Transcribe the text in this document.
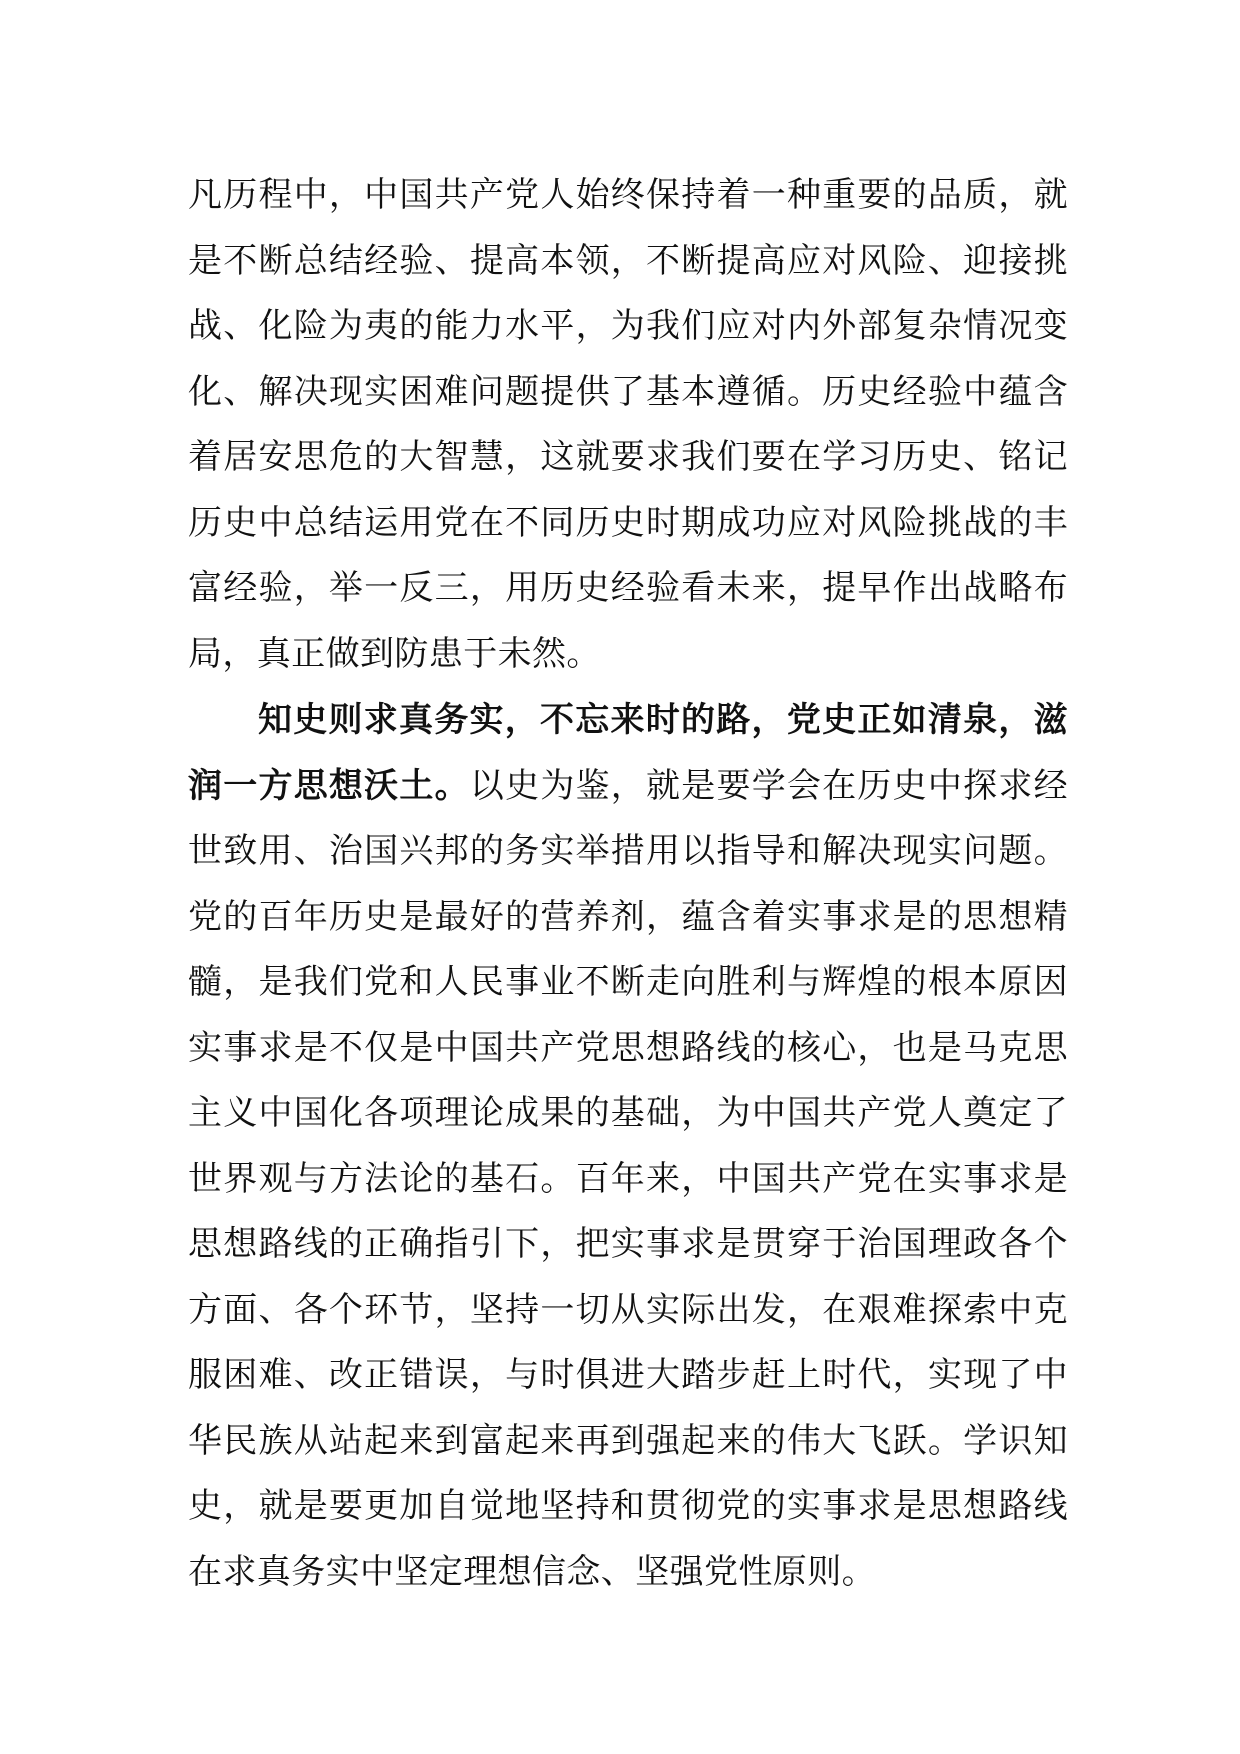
凡历程中，中国共产党人始终保持着一种重要的品质，就
是不断总结经验、提高本领，不断提高应对风险、迎接挑
战、化险为夷的能力水平，为我们应对内外部复杂情况变
化、解决现实困难问题提供了基本遵循。历史经验中蕴含
着居安思危的大智慧，这就要求我们要在学习历史、铭记
历史中总结运用党在不同历史时期成功应对风险挑战的丰
富经验，举一反三，用历史经验看未来，提早作出战略布
局，真正做到防患于未然。
知史则求真务实，不忘来时的路，党史正如清泉，滋
润一方思想沃土。以史为鉴，就是要学会在历史中探求经
世致用、治国兴邦的务实举措用以指导和解决现实问题。
党的百年历史是最好的营养剂，蕴含着实事求是的思想精
髓，是我们党和人民事业不断走向胜利与辉煌的根本原因
实事求是不仅是中国共产党思想路线的核心，也是马克思
主义中国化各项理论成果的基础，为中国共产党人奠定了
世界观与方法论的基石。百年来，中国共产党在实事求是
思想路线的正确指引下，把实事求是贯穿于治国理政各个
方面、各个环节，坚持一切从实际出发，在艰难探索中克
服困难、改正错误，与时俱进大踏步赶上时代，实现了中
华民族从站起来到富起来再到强起来的伟大飞跃。学识知
史，就是要更加自觉地坚持和贯彻党的实事求是思想路线
在求真务实中坚定理想信念、坚强党性原则。
